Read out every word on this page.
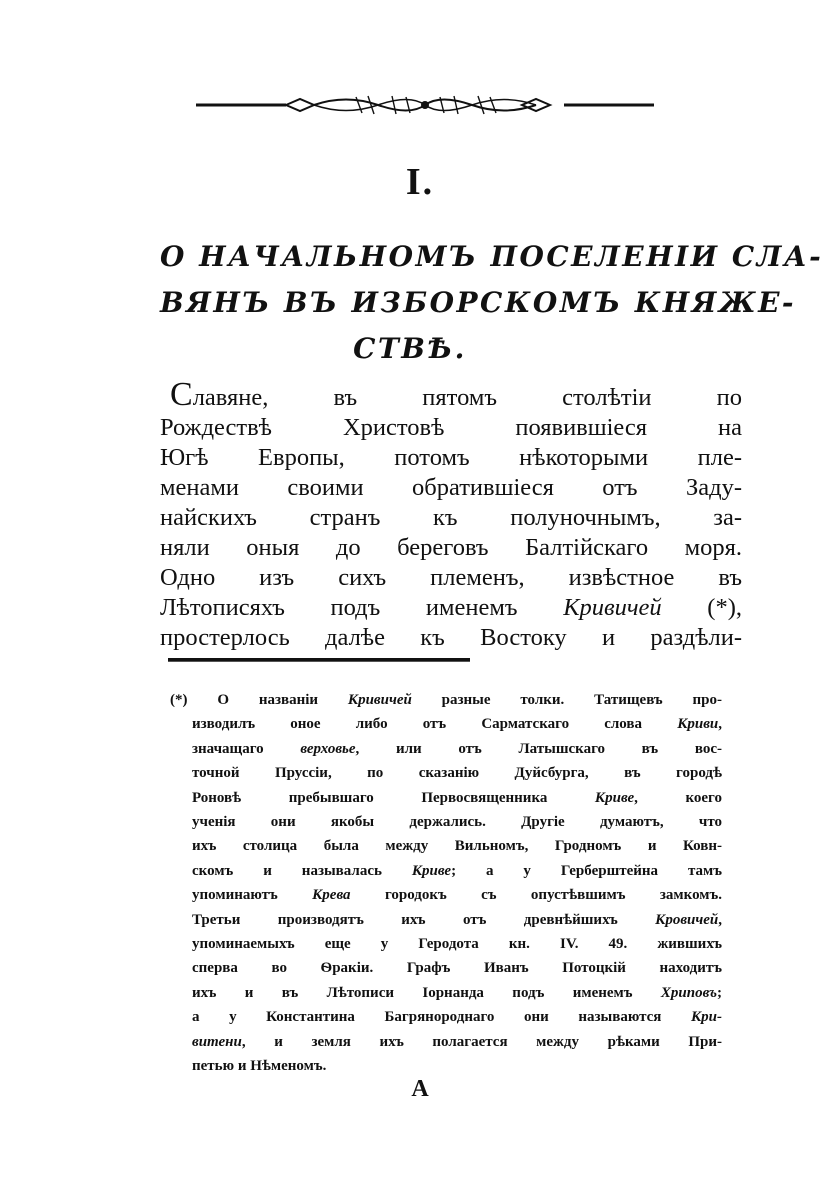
I.
О НАЧАЛЬНОМЪ ПОСЕЛЕНІИ СЛА-
ВЯНЪ ВЪ ИЗБОРСКОМЪ КНЯЖЕ-
СТВѢ.
Славяне, въ пятомъ столѣтіи по
Рождествѣ Христовѣ появившіеся на
Югѣ Европы, потомъ нѣкоторыми пле-
менами своими обратившіеся отъ Заду-
найскихъ странъ къ полуночнымъ, за-
няли оныя до береговъ Балтійскаго моря.
Одно изъ сихъ племенъ, извѣстное въ
Лѣтописяхъ подъ именемъ Кривичей (*),
простерлось далѣе къ Востоку и раздѣли-
(*) О названіи Кривичей разные толки. Татищевъ про-
изводилъ оное либо отъ Сарматскаго слова Криви,
значащаго верховье, или отъ Латышскаго въ вос-
точной Пруссіи, по сказанію Дуйсбурга, въ городѣ
Роновѣ пребывшаго Первосвященника Криве, коего
ученія они якобы держались. Другіе думаютъ, что
ихъ столица была между Вильномъ, Гродномъ и Ковн-
скомъ и называлась Криве; а у Герберштейна тамъ
упоминаютъ Крева городокъ съ опустѣвшимъ замкомъ.
Третьи производятъ ихъ отъ древнѣйшихъ Кровичей,
упоминаемыхъ еще у Геродота кн. IV. 49. жившихъ
сперва во Ѳракіи. Графъ Иванъ Потоцкій находитъ
ихъ и въ Лѣтописи Іорнанда подъ именемъ Хриповъ;
а у Константина Багрянороднаго они называются Кри-
витени, и земля ихъ полагается между рѣками При-
петью и Нѣменомъ.
А
